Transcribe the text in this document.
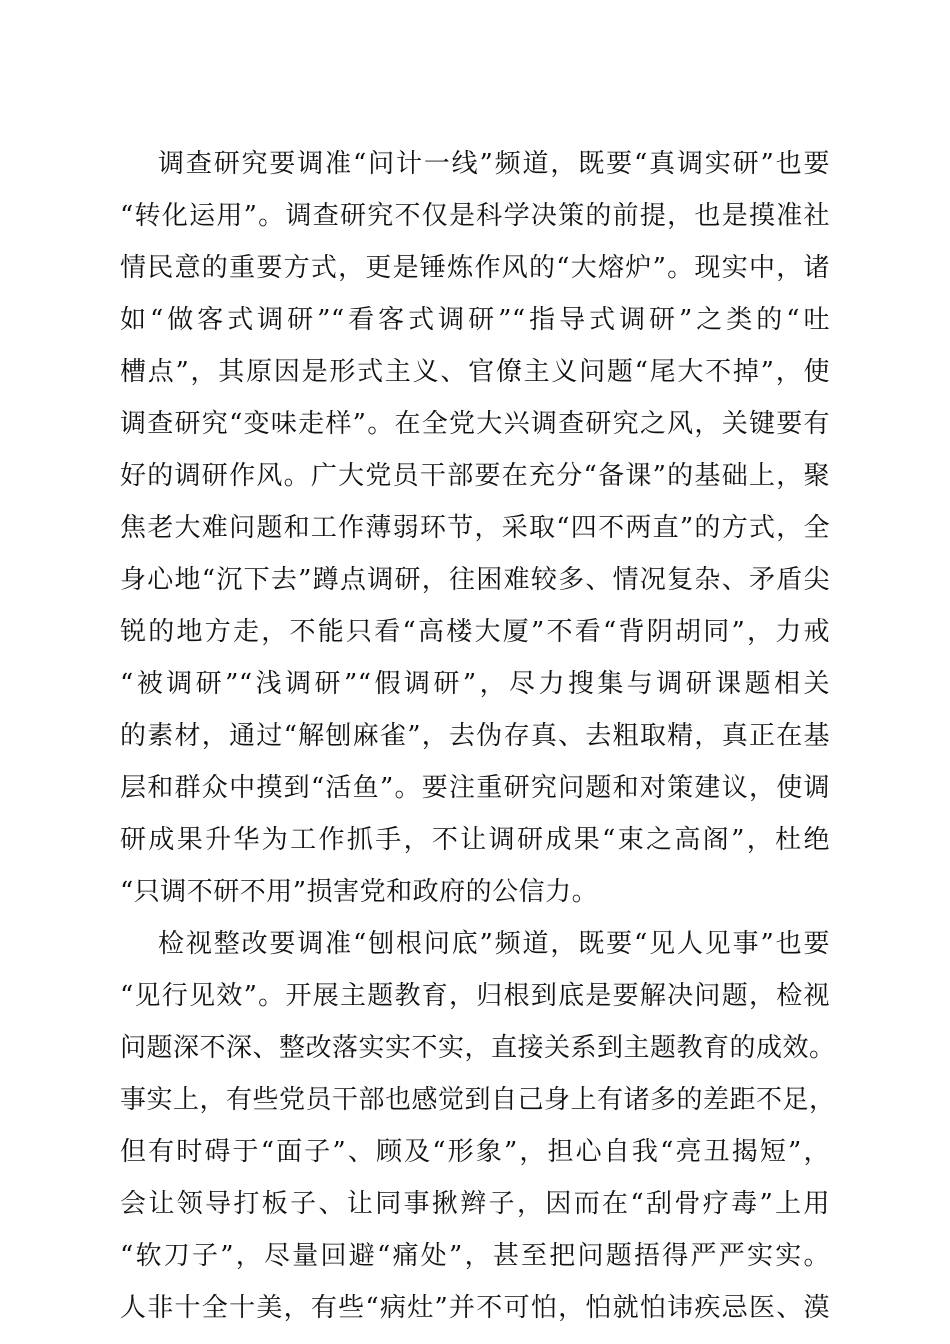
调查研究要调准“问计一线”频道，既要“真调实研”也要
“转化运用”。调查研究不仅是科学决策的前提，也是摸准社
情民意的重要方式，更是锤炼作风的“大熔炉”。现实中，诸
如“做客式调研”“看客式调研”“指导式调研”之类的“吐
槽点”，其原因是形式主义、官僚主义问题“尾大不掉”，使
调查研究“变味走样”。在全党大兴调查研究之风，关键要有
好的调研作风。广大党员干部要在充分“备课”的基础上，聚
焦老大难问题和工作薄弱环节，采取“四不两直”的方式，全
身心地“沉下去”蹲点调研，往困难较多、情况复杂、矛盾尖
锐的地方走，不能只看“高楼大厦”不看“背阴胡同”，力戒
“被调研”“浅调研”“假调研”，尽力搜集与调研课题相关
的素材，通过“解刨麻雀”，去伪存真、去粗取精，真正在基
层和群众中摸到“活鱼”。要注重研究问题和对策建议，使调
研成果升华为工作抓手，不让调研成果“束之高阁”，杜绝
“只调不研不用”损害党和政府的公信力。
检视整改要调准“刨根问底”频道，既要“见人见事”也要
“见行见效”。开展主题教育，归根到底是要解决问题，检视
问题深不深、整改落实实不实，直接关系到主题教育的成效。
事实上，有些党员干部也感觉到自己身上有诸多的差距不足，
但有时碍于“面子”、顾及“形象”，担心自我“亮丑揭短”，
会让领导打板子、让同事揪辫子，因而在“刮骨疗毒”上用
“软刀子”，尽量回避“痛处”，甚至把问题捂得严严实实。
人非十全十美，有些“病灶”并不可怕，怕就怕讳疾忌医、漠
